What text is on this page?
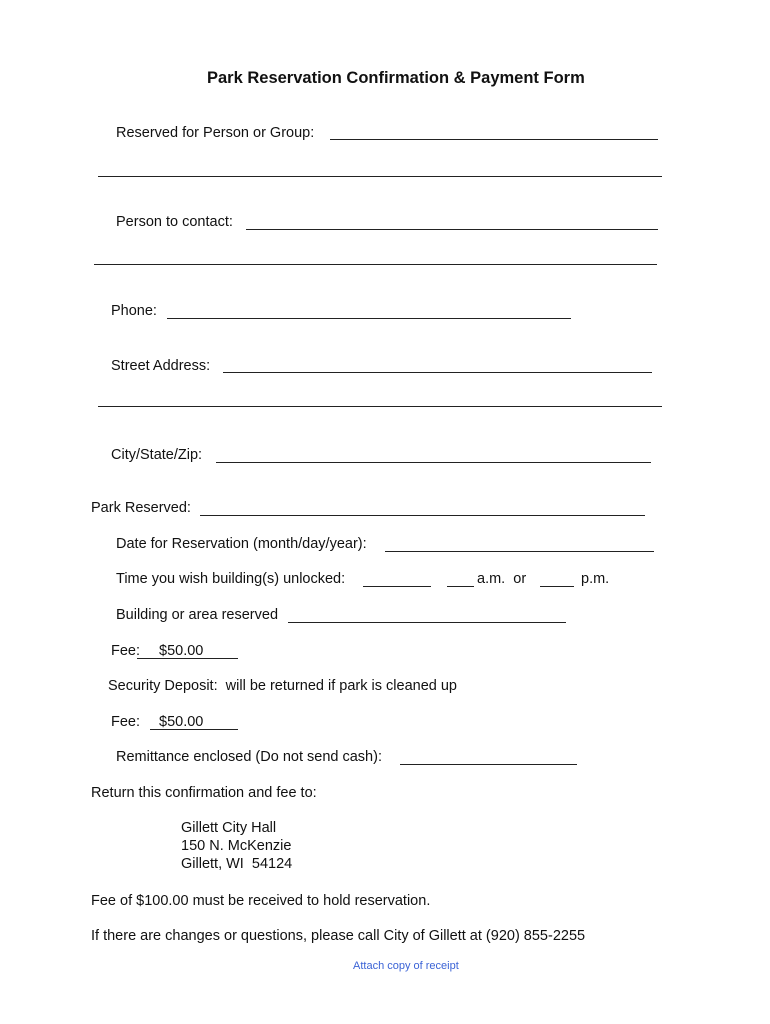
Park Reservation Confirmation & Payment Form
Reserved for Person or Group:
Person to contact:
Phone:
Street Address:
City/State/Zip:
Park Reserved:
Date for Reservation (month/day/year):
Time you wish building(s) unlocked:	a.m.  or	p.m.
Building or area reserved
Fee: $50.00
Security Deposit:  will be returned if park is cleaned up
Fee: $50.00
Remittance enclosed (Do not send cash):
Return this confirmation and fee to:
Gillett City Hall
150 N. McKenzie
Gillett, WI  54124
Fee of $100.00 must be received to hold reservation.
If there are changes or questions, please call City of Gillett at (920) 855-2255
Attach copy of receipt
